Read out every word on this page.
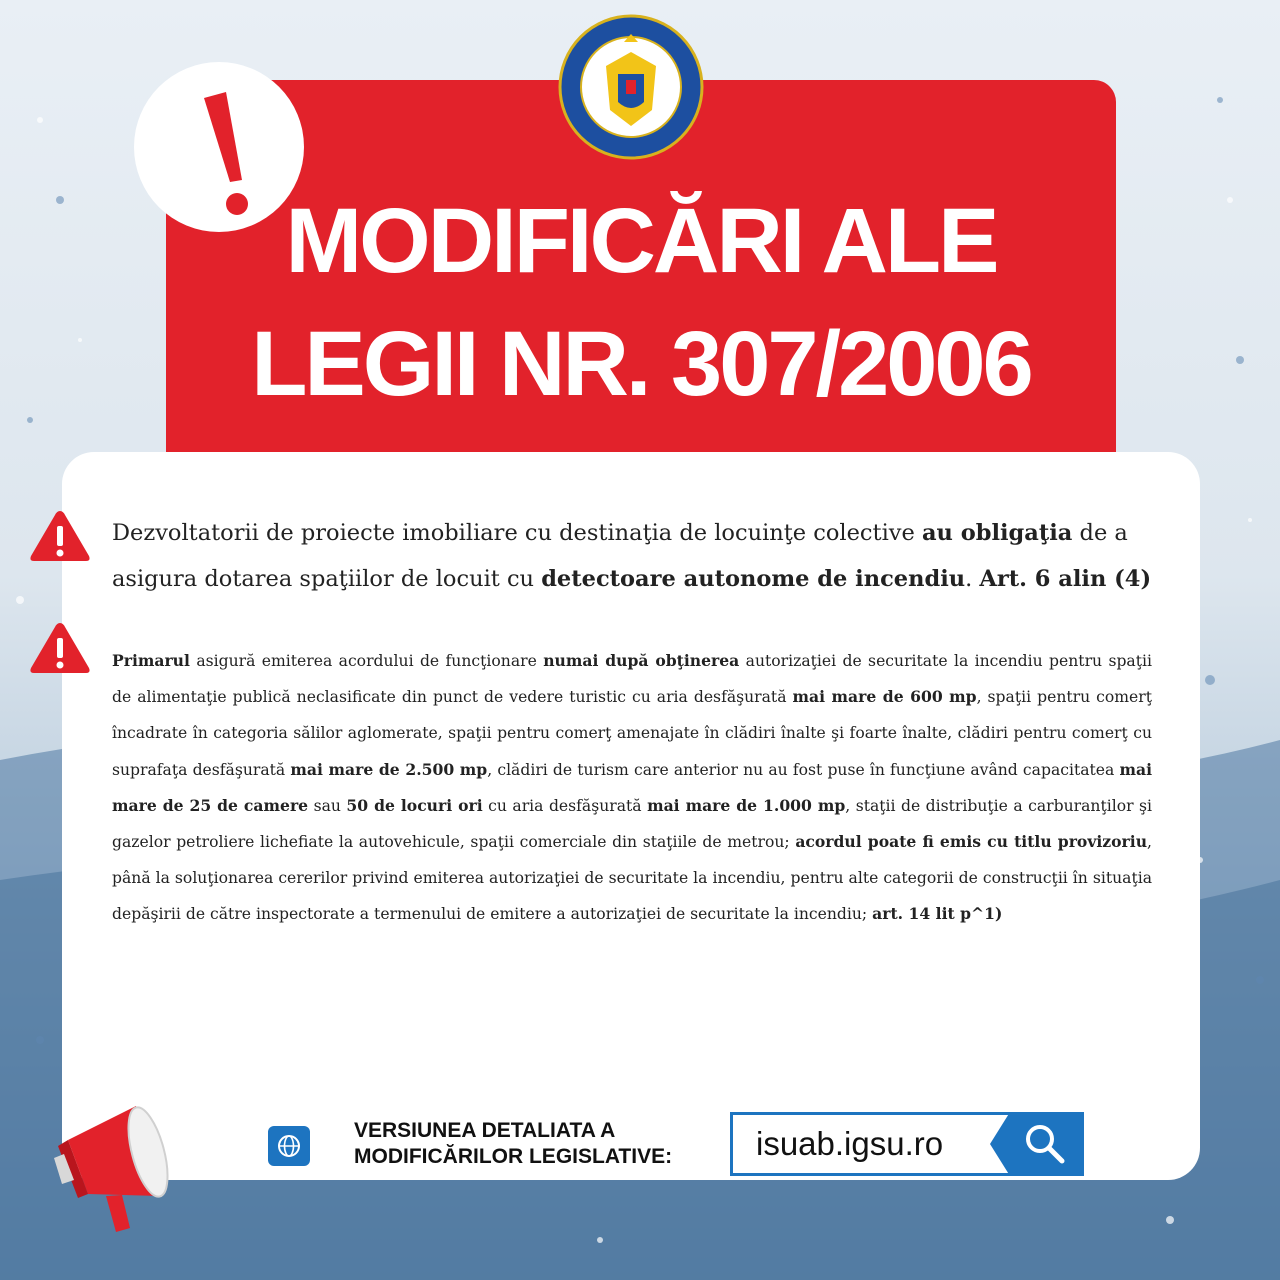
MODIFICĂRI ALE
LEGII NR. 307/2006
Dezvoltatorii de proiecte imobiliare cu destinaţia de locuinţe colective au obligaţia de a asigura dotarea spaţiilor de locuit cu detectoare autonome de incendiu. Art. 6 alin (4)
Primarul asigură emiterea acordului de funcţionare numai după obţinerea autorizaţiei de securitate la incendiu pentru spaţii de alimentaţie publică neclasificate din punct de vedere turistic cu aria desfăşurată mai mare de 600 mp, spaţii pentru comerţ încadrate în categoria sălilor aglomerate, spaţii pentru comerţ amenajate în clădiri înalte şi foarte înalte, clădiri pentru comerţ cu suprafaţa desfăşurată mai mare de 2.500 mp, clădiri de turism care anterior nu au fost puse în funcţiune având capacitatea mai mare de 25 de camere sau 50 de locuri ori cu aria desfăşurată mai mare de 1.000 mp, staţii de distribuţie a carburanţilor şi gazelor petroliere lichefiate la autovehicule, spaţii comerciale din staţiile de metrou; acordul poate fi emis cu titlu provizoriu, până la soluţionarea cererilor privind emiterea autorizaţiei de securitate la incendiu, pentru alte categorii de construcţii în situaţia depăşirii de către inspectorate a termenului de emitere a autorizaţiei de securitate la incendiu; art. 14 lit p^1)
VERSIUNEA DETALIATA A
MODIFICĂRILOR LEGISLATIVE:	isuab.igsu.ro
